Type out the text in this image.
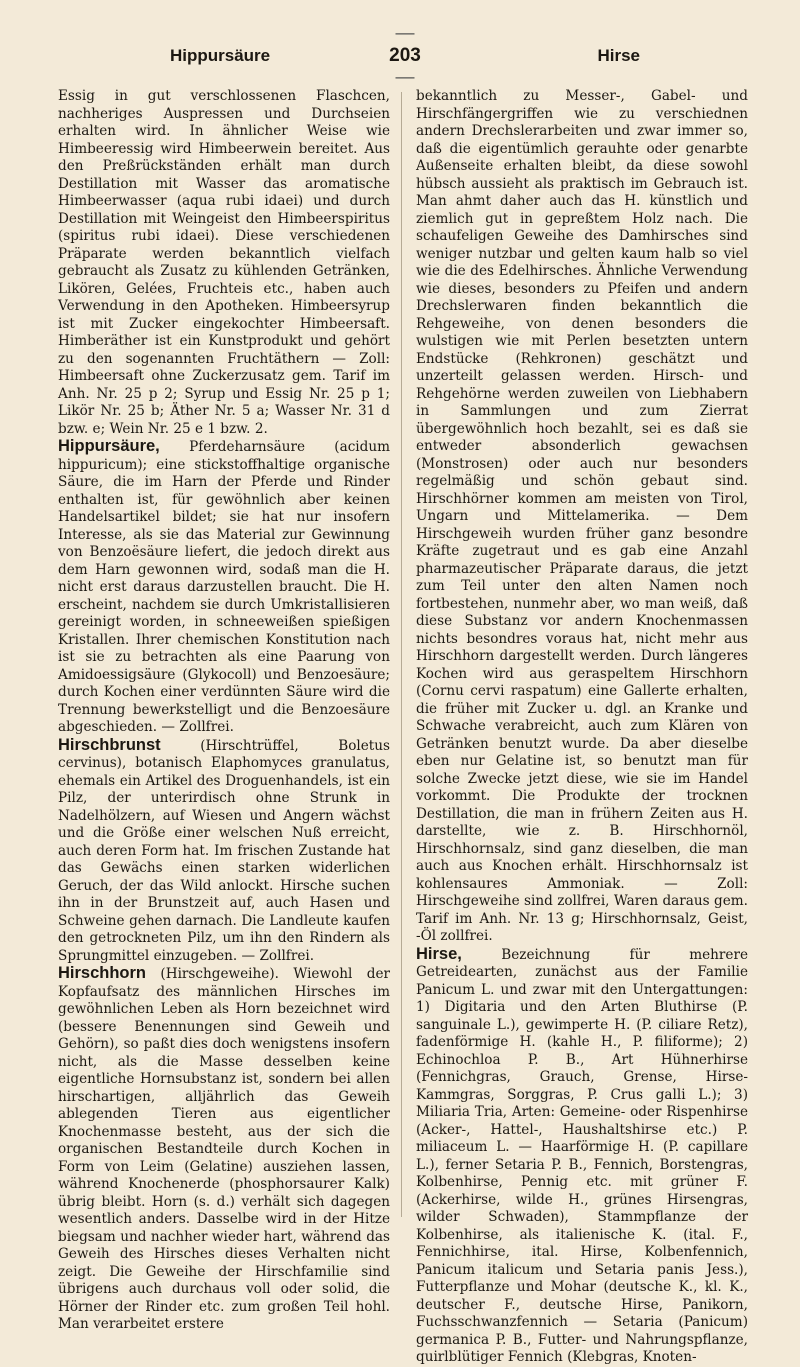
Hippursäure
—203—
Hirse

Essig in gut verschlossenen Flaschcen, nachheriges Auspressen und Durchseien erhalten wird. In ähnlicher Weise wie Himbeeressig wird Himbeerwein bereitet. Aus den Preßrückständen erhält man durch Destillation mit Wasser das aromatische Himbeerwasser (aqua rubi idaei) und durch Destillation mit Weingeist den Himbeerspiritus (spiritus rubi idaei). Diese verschiedenen Präparate werden bekanntlich vielfach gebraucht als Zusatz zu kühlenden Getränken, Likören, Gelées, Fruchteis etc., haben auch Verwendung in den Apotheken. Himbeersyrup ist mit Zucker eingekochter Himbeersaft. Himberäther ist ein Kunstprodukt und gehört zu den sogenannten Fruchtäthern — Zoll: Himbeersaft ohne Zuckerzusatz gem. Tarif im Anh. Nr. 25 p 2; Syrup und Essig Nr. 25 p 1; Likör Nr. 25 b; Äther Nr. 5 a; Wasser Nr. 31 d bzw. e; Wein Nr. 25 e 1 bzw. 2.

Hippursäure, Pferdeharnsäure (acidum hippuricum); eine stickstoffhaltige organische Säure, die im Harn der Pferde und Rinder enthalten ist, für gewöhnlich aber keinen Handelsartikel bildet; sie hat nur insofern Interesse, als sie das Material zur Gewinnung von Benzoësäure liefert, die jedoch direkt aus dem Harn gewonnen wird, sodaß man die H. nicht erst daraus darzustellen braucht. Die H. erscheint, nachdem sie durch Umkristallisieren gereinigt worden, in schneeweißen spießigen Kristallen. Ihrer chemischen Konstitution nach ist sie zu betrachten als eine Paarung von Amidoessigsäure (Glykocoll) und Benzoesäure; durch Kochen einer verdünnten Säure wird die Trennung bewerkstelligt und die Benzoesäure abgeschieden. — Zollfrei.

Hirschbrunst	(Hirschtrüffel, Boletus cervinus), botanisch Elaphomyces granulatus, ehemals ein Artikel des Droguenhandels, ist ein Pilz, der unterirdisch ohne Strunk in Nadelhölzern, auf Wiesen und Angern wächst und die Größe einer welschen Nuß erreicht, auch deren Form hat. Im frischen Zustande hat das Gewächs einen starken widerlichen Geruch, der das Wild anlockt. Hirsche suchen ihn in der Brunstzeit auf, auch Hasen und Schweine gehen darnach. Die Landleute kaufen den getrockneten Pilz, um ihn den Rindern als Sprungmittel einzugeben. — Zollfrei.

Hirschhorn (Hirschgeweihe). Wiewohl der Kopfaufsatz des männlichen Hirsches im gewöhnlichen Leben als Horn bezeichnet wird (bessere Benennungen sind Geweih und Gehörn), so paßt dies doch wenigstens insofern nicht, als die Masse desselben keine eigentliche Hornsubstanz ist, sondern bei allen hirschartigen, alljährlich das Geweih ablegenden Tieren aus eigentlicher Knochenmasse besteht, aus der sich die organischen Bestandteile durch Kochen in Form von Leim (Gelatine) ausziehen lassen, während Knochenerde (phosphorsaurer Kalk) übrig bleibt. Horn (s. d.) verhält sich dagegen wesentlich anders. Dasselbe wird in der Hitze biegsam und nachher wieder hart, während das Geweih des Hirsches dieses Verhalten nicht zeigt. Die Geweihe der Hirschfamilie sind übrigens auch durchaus voll oder solid, die Hörner der Rinder etc. zum großen Teil hohl. Man verarbeitet erstere

bekanntlich zu Messer-, Gabel- und Hirschfängergriffen wie zu verschiednen andern Drechslerarbeiten und zwar immer so, daß die eigentümlich gerauhte oder genarbte Außenseite erhalten bleibt, da diese sowohl hübsch aussieht als praktisch im Gebrauch ist. Man ahmt daher auch das H. künstlich und ziemlich gut in gepreßtem Holz nach. Die schaufeligen Geweihe des Damhirsches sind weniger nutzbar und gelten kaum halb so viel wie die des Edelhirsches. Ähnliche Verwendung wie dieses, besonders zu Pfeifen und andern Drechslerwaren finden bekanntlich die Rehgeweihe, von denen besonders die wulstigen wie mit Perlen besetzten untern Endstücke (Rehkronen) geschätzt und unzerteilt gelassen werden. Hirsch- und Rehgehörne werden zuweilen von Liebhabern in Sammlungen und zum Zierrat übergewöhnlich hoch bezahlt, sei es daß sie entweder absonderlich gewachsen (Monstrosen) oder auch nur besonders regelmäßig und schön gebaut sind. Hirschhörner kommen am meisten von Tirol, Ungarn und Mittelamerika. — Dem Hirschgeweih wurden früher ganz besondre Kräfte zugetraut und es gab eine Anzahl pharmazeutischer Präparate daraus, die jetzt zum Teil unter den alten Namen noch fortbestehen, nunmehr aber, wo man weiß, daß diese Substanz vor andern Knochenmassen nichts besondres voraus hat, nicht mehr aus Hirschhorn dargestellt werden. Durch längeres Kochen wird aus geraspeltem Hirschhorn (Cornu cervi raspatum) eine Gallerte erhalten, die früher mit Zucker u. dgl. an Kranke und Schwache verabreicht, auch zum Klären von Getränken benutzt wurde. Da aber dieselbe eben nur Gelatine ist, so benutzt man für solche Zwecke jetzt diese, wie sie im Handel vorkommt. Die Produkte der trocknen Destillation, die man in frühern Zeiten aus H. darstellte, wie z. B. Hirschhornöl, Hirschhornsalz, sind ganz dieselben, die man auch aus Knochen erhält. Hirschhornsalz ist kohlensaures Ammoniak. — Zoll: Hirschgeweihe sind zollfrei, Waren daraus gem. Tarif im Anh. Nr. 13 g; Hirschhornsalz, Geist, -Öl zollfrei.

Hirse,	Bezeichnung für mehrere Getreidearten, zunächst aus der Familie Panicum L. und zwar mit den Untergattungen: 1) Digitaria und den Arten Bluthirse (P. sanguinale L.), gewimperte H. (P. ciliare Retz), fadenförmige H. (kahle H., P. filiforme); 2) Echinochloa P. B., Art Hühnerhirse (Fennichgras, Grauch, Grense, Hirse-Kammgras, Sorggras, P. Crus galli L.); 3) Miliaria Tria, Arten: Gemeine- oder Rispenhirse (Acker-, Hattel-, Haushaltshirse etc.) P. miliaceum L. — Haarförmige H. (P. capillare L.), ferner Setaria P. B., Fennich, Borstengras, Kolbenhirse, Pennig etc. mit grüner F. (Ackerhirse, wilde H., grünes Hirsengras, wilder Schwaden), Stammpflanze der Kolbenhirse, als italienische K. (ital. F., Fennichhirse, ital. Hirse, Kolbenfennich, Panicum italicum und Setaria panis Jess.), Futterpflanze und Mohar (deutsche K., kl. K., deutscher F., deutsche Hirse, Panikorn, Fuchsschwanzfennich — Setaria (Panicum) germanica P. B., Futter- und Nahrungspflanze, quirlblütiger Fennich (Klebgras, Knoten-
